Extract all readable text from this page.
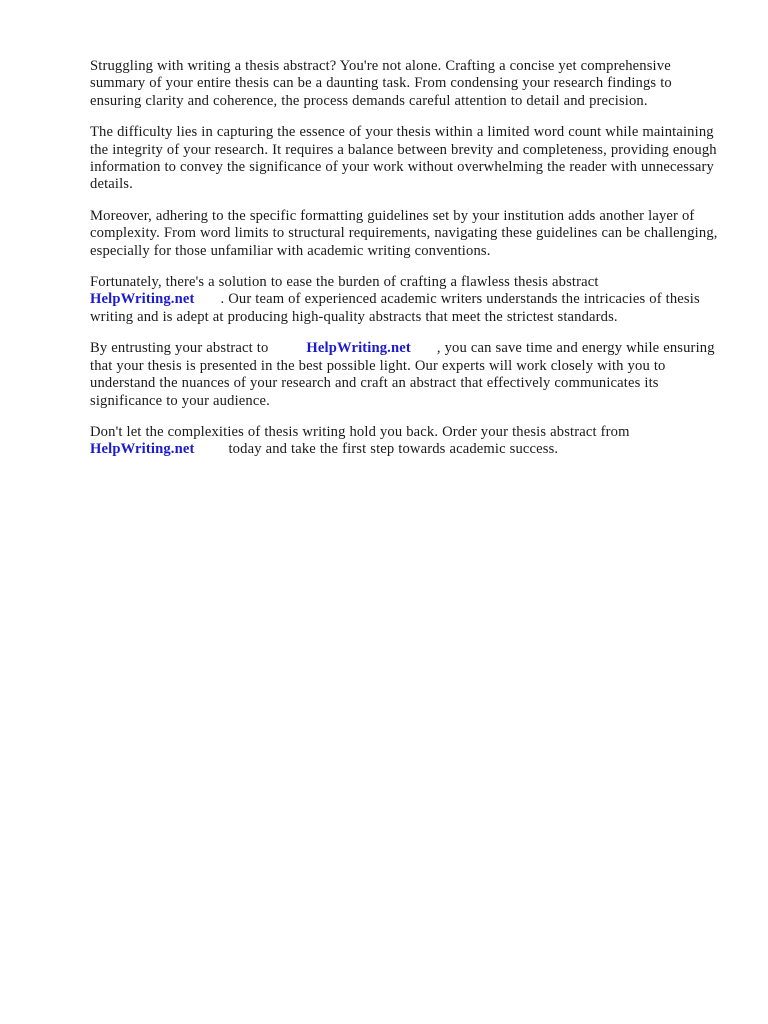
Struggling with writing a thesis abstract? You're not alone. Crafting a concise yet comprehensive summary of your entire thesis can be a daunting task. From condensing your research findings to ensuring clarity and coherence, the process demands careful attention to detail and precision.

The difficulty lies in capturing the essence of your thesis within a limited word count while maintaining the integrity of your research. It requires a balance between brevity and completeness, providing enough information to convey the significance of your work without overwhelming the reader with unnecessary details.

Moreover, adhering to the specific formatting guidelines set by your institution adds another layer of complexity. From word limits to structural requirements, navigating these guidelines can be challenging, especially for those unfamiliar with academic writing conventions.

Fortunately, there's a solution to ease the burden of crafting a flawless thesis abstract HelpWriting.net . Our team of experienced academic writers understands the intricacies of thesis writing and is adept at producing high-quality abstracts that meet the strictest standards.

By entrusting your abstract to	HelpWriting.net , you can save time and energy while ensuring that your thesis is presented in the best possible light. Our experts will work closely with you to understand the nuances of your research and craft an abstract that effectively communicates its significance to your audience.

Don't let the complexities of thesis writing hold you back. Order your thesis abstract from HelpWriting.net today and take the first step towards academic success.
